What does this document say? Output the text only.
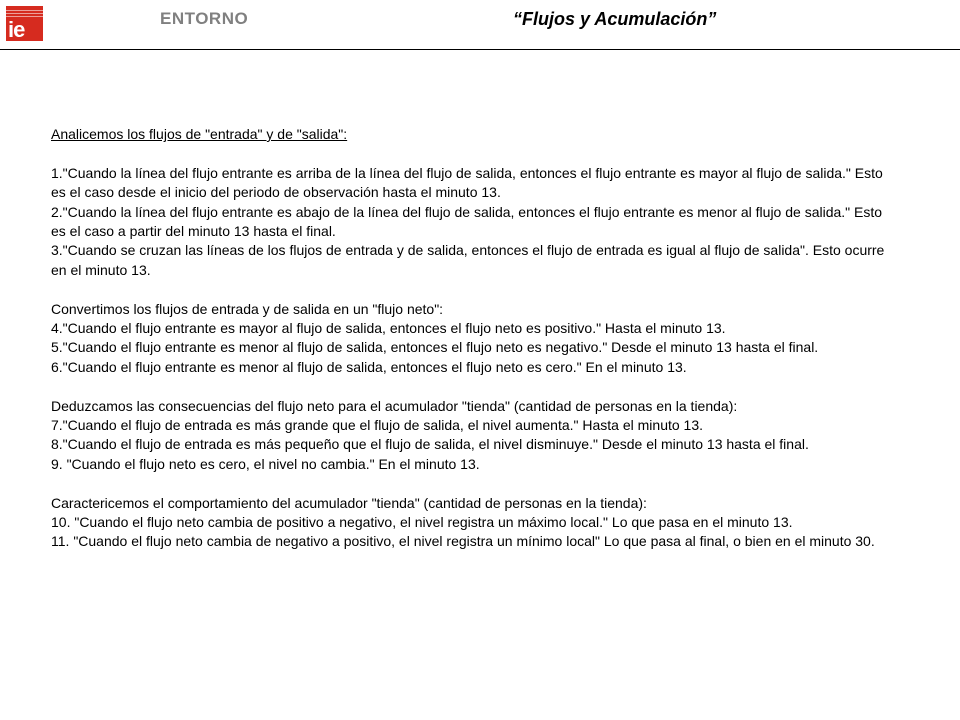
ie	ENTORNO	“Flujos y Acumulación”

Analicemos los flujos de "entrada" y de "salida":

1."Cuando la línea del flujo entrante es arriba de la línea del flujo de salida, entonces el flujo entrante es mayor al flujo de salida." Esto es el caso desde el inicio del periodo de observación hasta el minuto 13.

2."Cuando la línea del flujo entrante es abajo de la línea del flujo de salida, entonces el flujo entrante es menor al flujo de salida." Esto es el caso a partir del minuto 13 hasta el final.

3."Cuando se cruzan las líneas de los flujos de entrada y de salida, entonces el flujo de entrada es igual al flujo de salida". Esto ocurre en el minuto 13.

Convertimos los flujos de entrada y de salida en un "flujo neto":

4."Cuando el flujo entrante es mayor al flujo de salida, entonces el flujo neto es positivo." Hasta el minuto 13.

5."Cuando el flujo entrante es menor al flujo de salida, entonces el flujo neto es negativo." Desde el minuto 13 hasta el final.

6."Cuando el flujo entrante es menor al flujo de salida, entonces el flujo neto es cero." En el minuto 13.

Deduzcamos las consecuencias del flujo neto para el acumulador "tienda" (cantidad de personas en la tienda):

7."Cuando el flujo de entrada es más grande que el flujo de salida, el nivel aumenta." Hasta el minuto 13.

8."Cuando el flujo de entrada es más pequeño que el flujo de salida, el nivel disminuye." Desde el minuto 13 hasta el final.

9. "Cuando el flujo neto es cero, el nivel no cambia." En el minuto 13.

Caractericemos el comportamiento del acumulador "tienda" (cantidad de personas en la tienda):

10. "Cuando el flujo neto cambia de positivo a negativo, el nivel registra un máximo local." Lo que pasa en el minuto 13.

11. "Cuando el flujo neto cambia de negativo a positivo, el nivel registra un mínimo local" Lo que pasa al final, o bien en el minuto 30.
